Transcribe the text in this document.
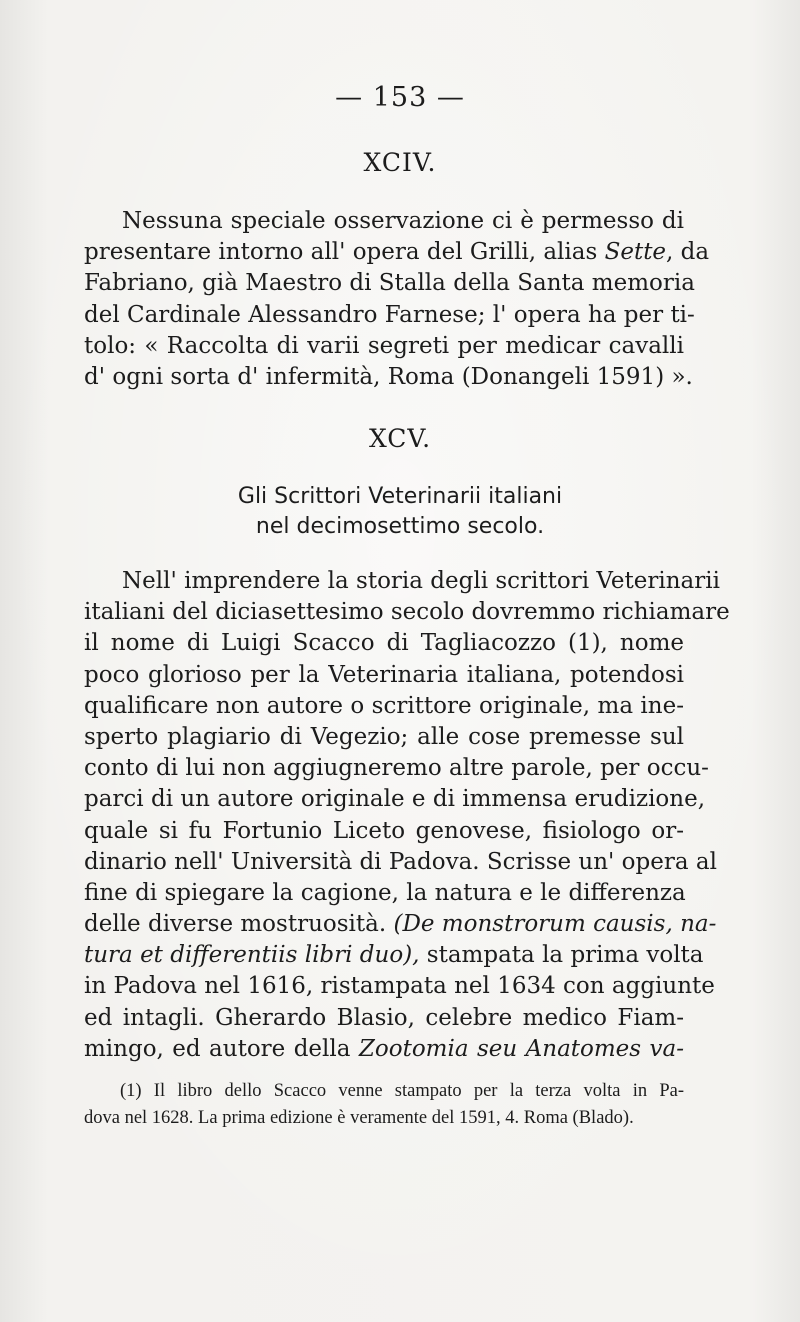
— 153 —
XCIV.

Nessuna speciale osservazione ci è permesso di
presentare intorno all' opera del Grilli, alias Sette, da
Fabriano, già Maestro di Stalla della Santa memoria
del Cardinale Alessandro Farnese; l' opera ha per ti-
tolo: « Raccolta di varii segreti per medicar cavalli
d' ogni sorta d' infermità, Roma (Donangeli 1591) ».

XCV.
Gli Scrittori Veterinarii italiani
nel decimosettimo secolo.

Nell' imprendere la storia degli scrittori Veterinarii
italiani del diciasettesimo secolo dovremmo richiamare
il nome di Luigi Scacco di Tagliacozzo (1), nome
poco glorioso per la Veterinaria italiana, potendosi
qualificare non autore o scrittore originale, ma ine-
sperto plagiario di Vegezio; alle cose premesse sul
conto di lui non aggiugneremo altre parole, per occu-
parci di un autore originale e di immensa erudizione,
quale si fu Fortunio Liceto genovese, fisiologo or-
dinario nell' Università di Padova. Scrisse un' opera al
fine di spiegare la cagione, la natura e le differenza
delle diverse mostruosità. (De monstrorum causis, na-
tura et differentiis libri duo), stampata la prima volta
in Padova nel 1616, ristampata nel 1634 con aggiunte
ed intagli. Gherardo Blasio, celebre medico Fiam-
mingo, ed autore della Zootomia seu Anatomes va-

(1) Il libro dello Scacco venne stampato per la terza volta in Pa-
dova nel 1628. La prima edizione è veramente del 1591, 4. Roma (Blado).
